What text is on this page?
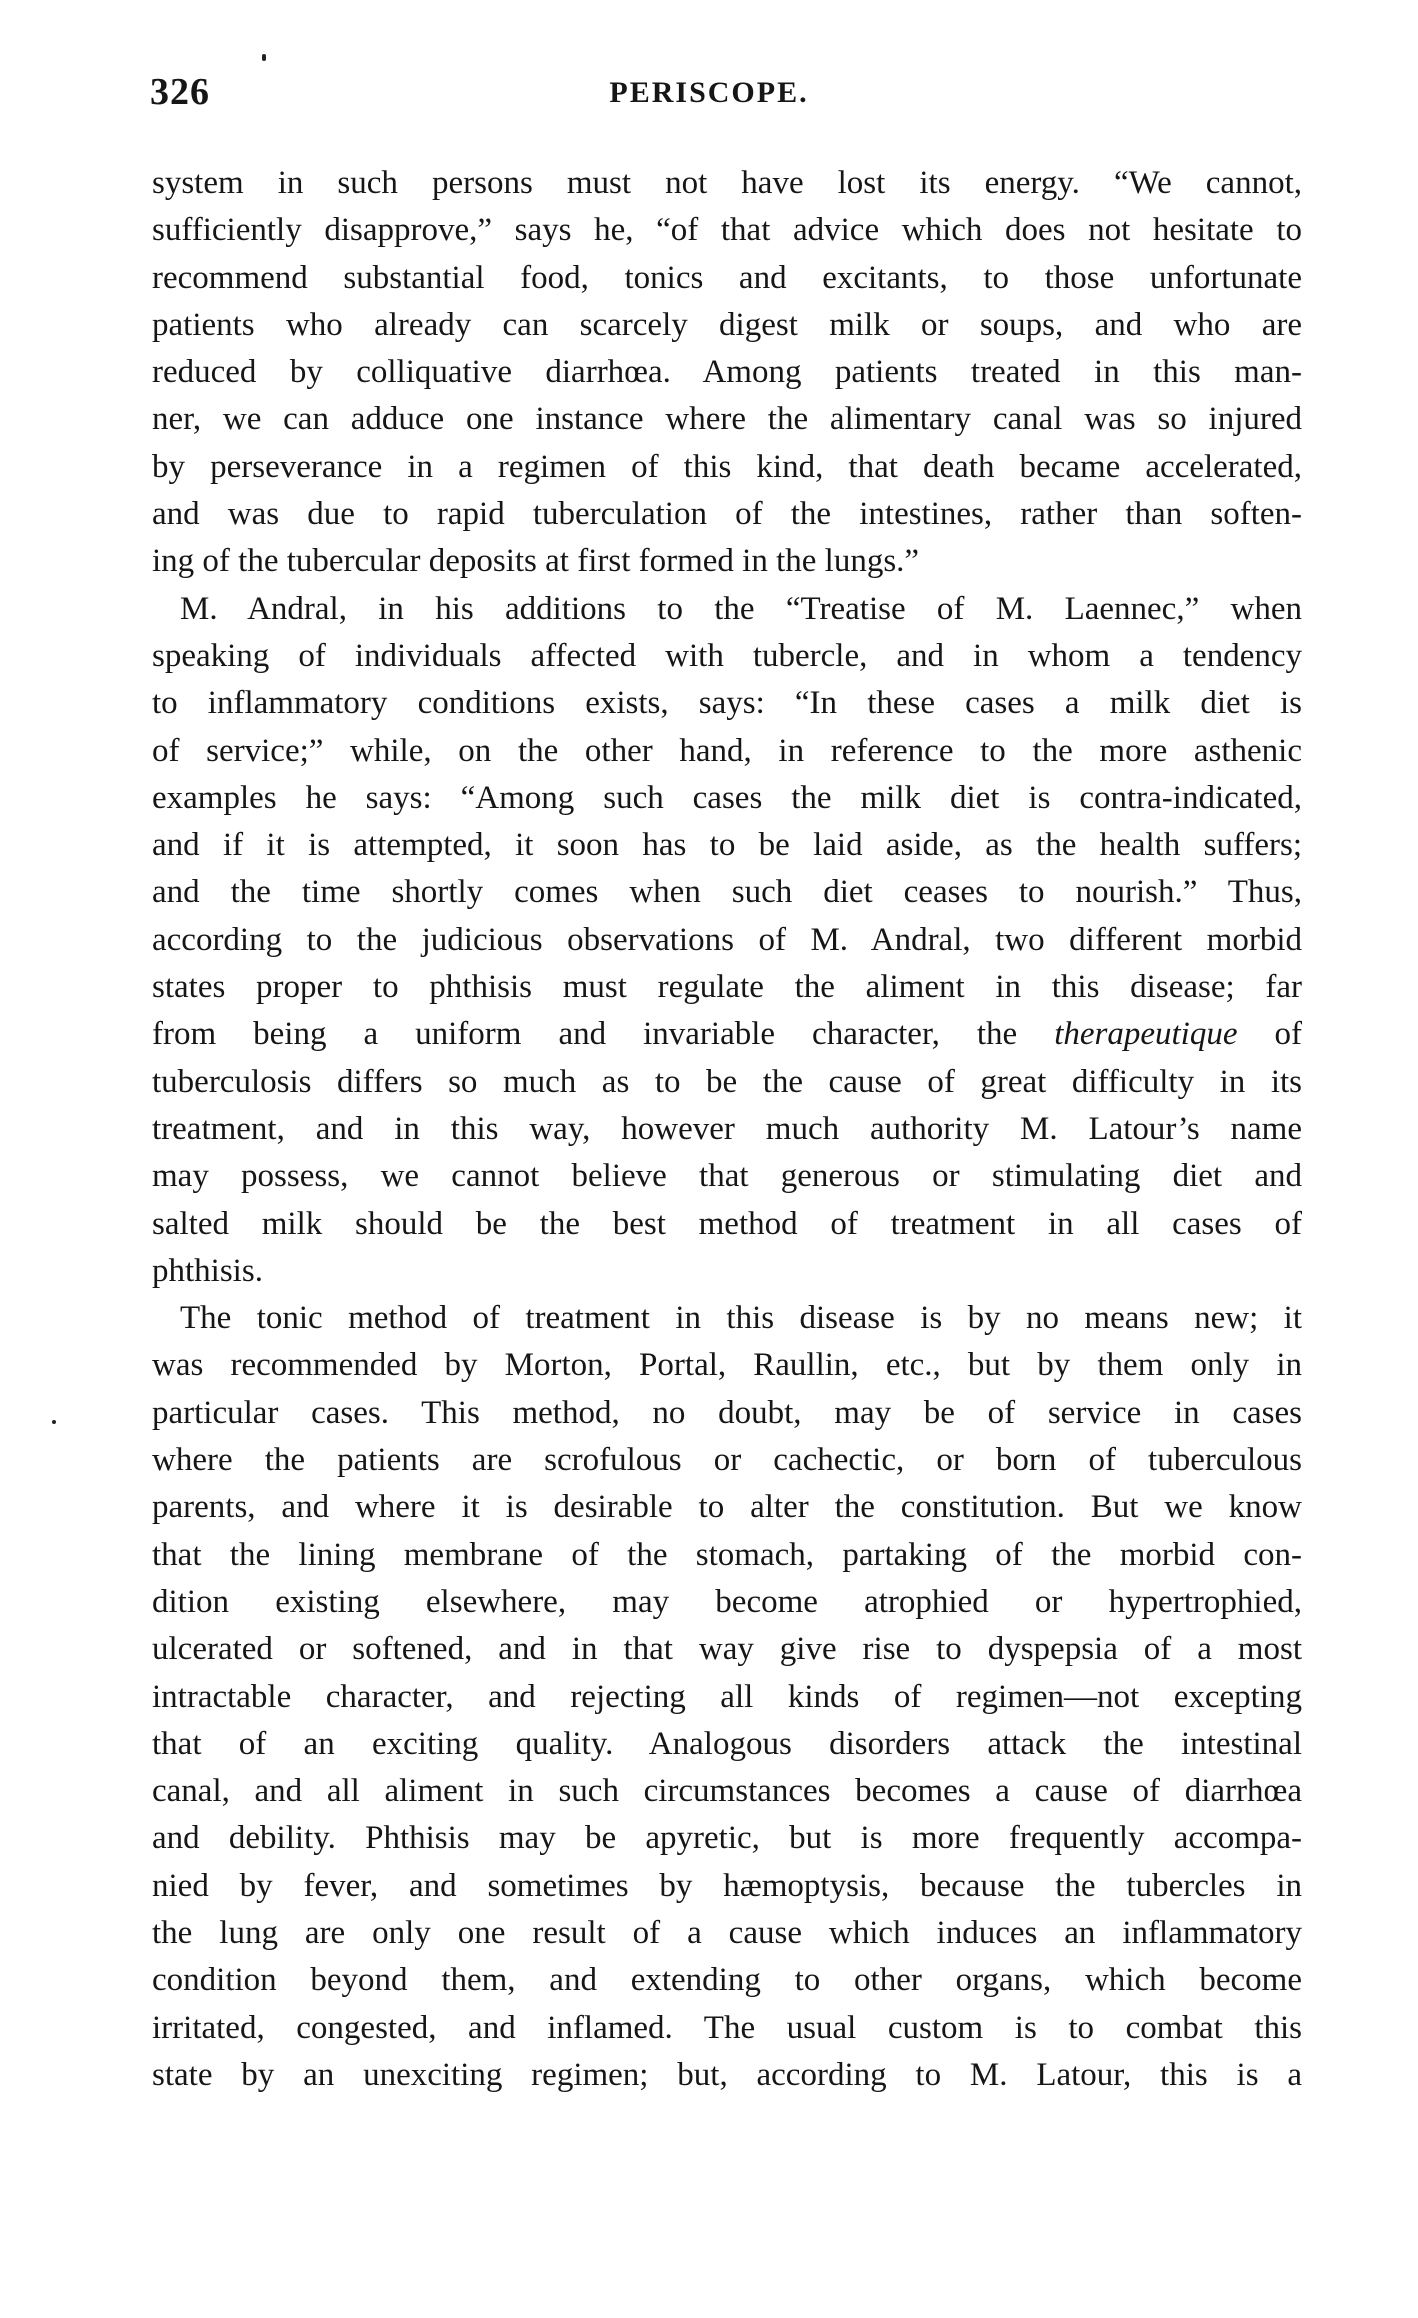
326	PERISCOPE.
system in such persons must not have lost its energy. “We cannot,
sufficiently disapprove,” says he, “of that advice which does not hesitate to
recommend substantial food, tonics and excitants, to those unfortunate
patients who already can scarcely digest milk or soups, and who are
reduced by colliquative diarrhœa. Among patients treated in this man-
ner, we can adduce one instance where the alimentary canal was so injured
by perseverance in a regimen of this kind, that death became accelerated,
and was due to rapid tuberculation of the intestines, rather than soften-
ing of the tubercular deposits at first formed in the lungs.”
M. Andral, in his additions to the “Treatise of M. Laennec,” when
speaking of individuals affected with tubercle, and in whom a tendency
to inflammatory conditions exists, says: “In these cases a milk diet is
of service;” while, on the other hand, in reference to the more asthenic
examples he says: “Among such cases the milk diet is contra-indicated,
and if it is attempted, it soon has to be laid aside, as the health suffers;
and the time shortly comes when such diet ceases to nourish.” Thus,
according to the judicious observations of M. Andral, two different morbid
states proper to phthisis must regulate the aliment in this disease; far
from being a uniform and invariable character, the therapeutique of
tuberculosis differs so much as to be the cause of great difficulty in its
treatment, and in this way, however much authority M. Latour’s name
may possess, we cannot believe that generous or stimulating diet and
salted milk should be the best method of treatment in all cases of
phthisis.
The tonic method of treatment in this disease is by no means new; it
was recommended by Morton, Portal, Raullin, etc., but by them only in
particular cases. This method, no doubt, may be of service in cases
where the patients are scrofulous or cachectic, or born of tuberculous
parents, and where it is desirable to alter the constitution. But we know
that the lining membrane of the stomach, partaking of the morbid con-
dition existing elsewhere, may become atrophied or hypertrophied,
ulcerated or softened, and in that way give rise to dyspepsia of a most
intractable character, and rejecting all kinds of regimen—not excepting
that of an exciting quality. Analogous disorders attack the intestinal
canal, and all aliment in such circumstances becomes a cause of diarrhœa
and debility. Phthisis may be apyretic, but is more frequently accompa-
nied by fever, and sometimes by hæmoptysis, because the tubercles in
the lung are only one result of a cause which induces an inflammatory
condition beyond them, and extending to other organs, which become
irritated, congested, and inflamed. The usual custom is to combat this
state by an unexciting regimen; but, according to M. Latour, this is a
